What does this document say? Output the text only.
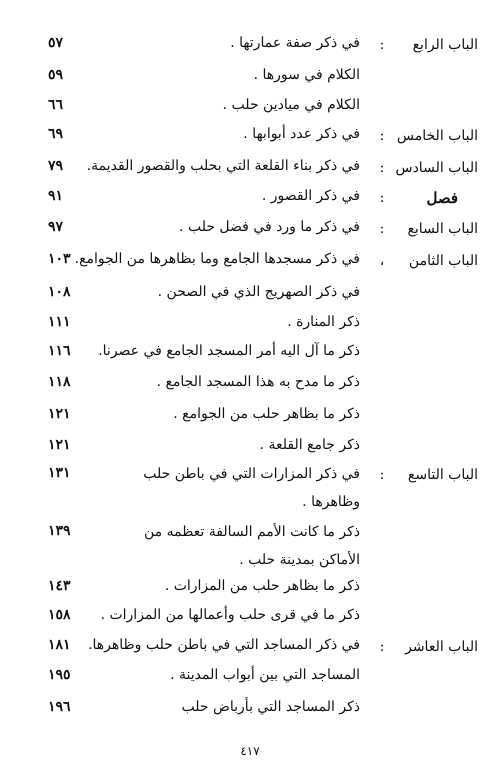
الباب الرابع
:
في ذكر صفة عمارتها .
٥٧
الكلام في سورها .
٥٩
الكلام في ميادين حلب .
٦٦
الباب الخامس
:
في ذكر عدد أبوابها .
٦٩
الباب السادس
:
في ذكر بناء القلعة التي بحلب والقصور القديمة.
٧٩
فصل
:
في ذكر القصور .
٩١
الباب السابع
:
في ذكر ما ورد في فضل حلب .
٩٧
الباب الثامن
،
في ذكر مسجدها الجامع وما بظاهرها من الجوامع.
١٠٣
في ذكر الصهريج الذي في الصحن .
١٠٨
ذكر المنارة .
١١١
ذكر ما آل اليه أمر المسجد الجامع في عصرنا.
١١٦
ذكر ما مدح به هذا المسجد الجامع .
١١٨
ذكر ما بظاهر حلب من الجوامع .
١٢١
ذكر جامع القلعة .
١٢١
الباب التاسع
:
في ذكر المزارات التي في باطن حلب وظاهرها .
١٣١
ذكر ما كانت الأمم السالفة تعظمه من الأماكن بمدينة حلب .
١٣٩
ذكر ما بظاهر حلب من المزارات .
١٤٣
ذكر ما في قرى حلب وأعمالها من المزارات .
١٥٨
الباب العاشر
:
في ذكر المساجد التي في باطن حلب وظاهرها.
١٨١
المساجد التي بين أبواب المدينة .
١٩٥
ذكر المساجد التي بأرباض حلب
١٩٦
٤١٧
